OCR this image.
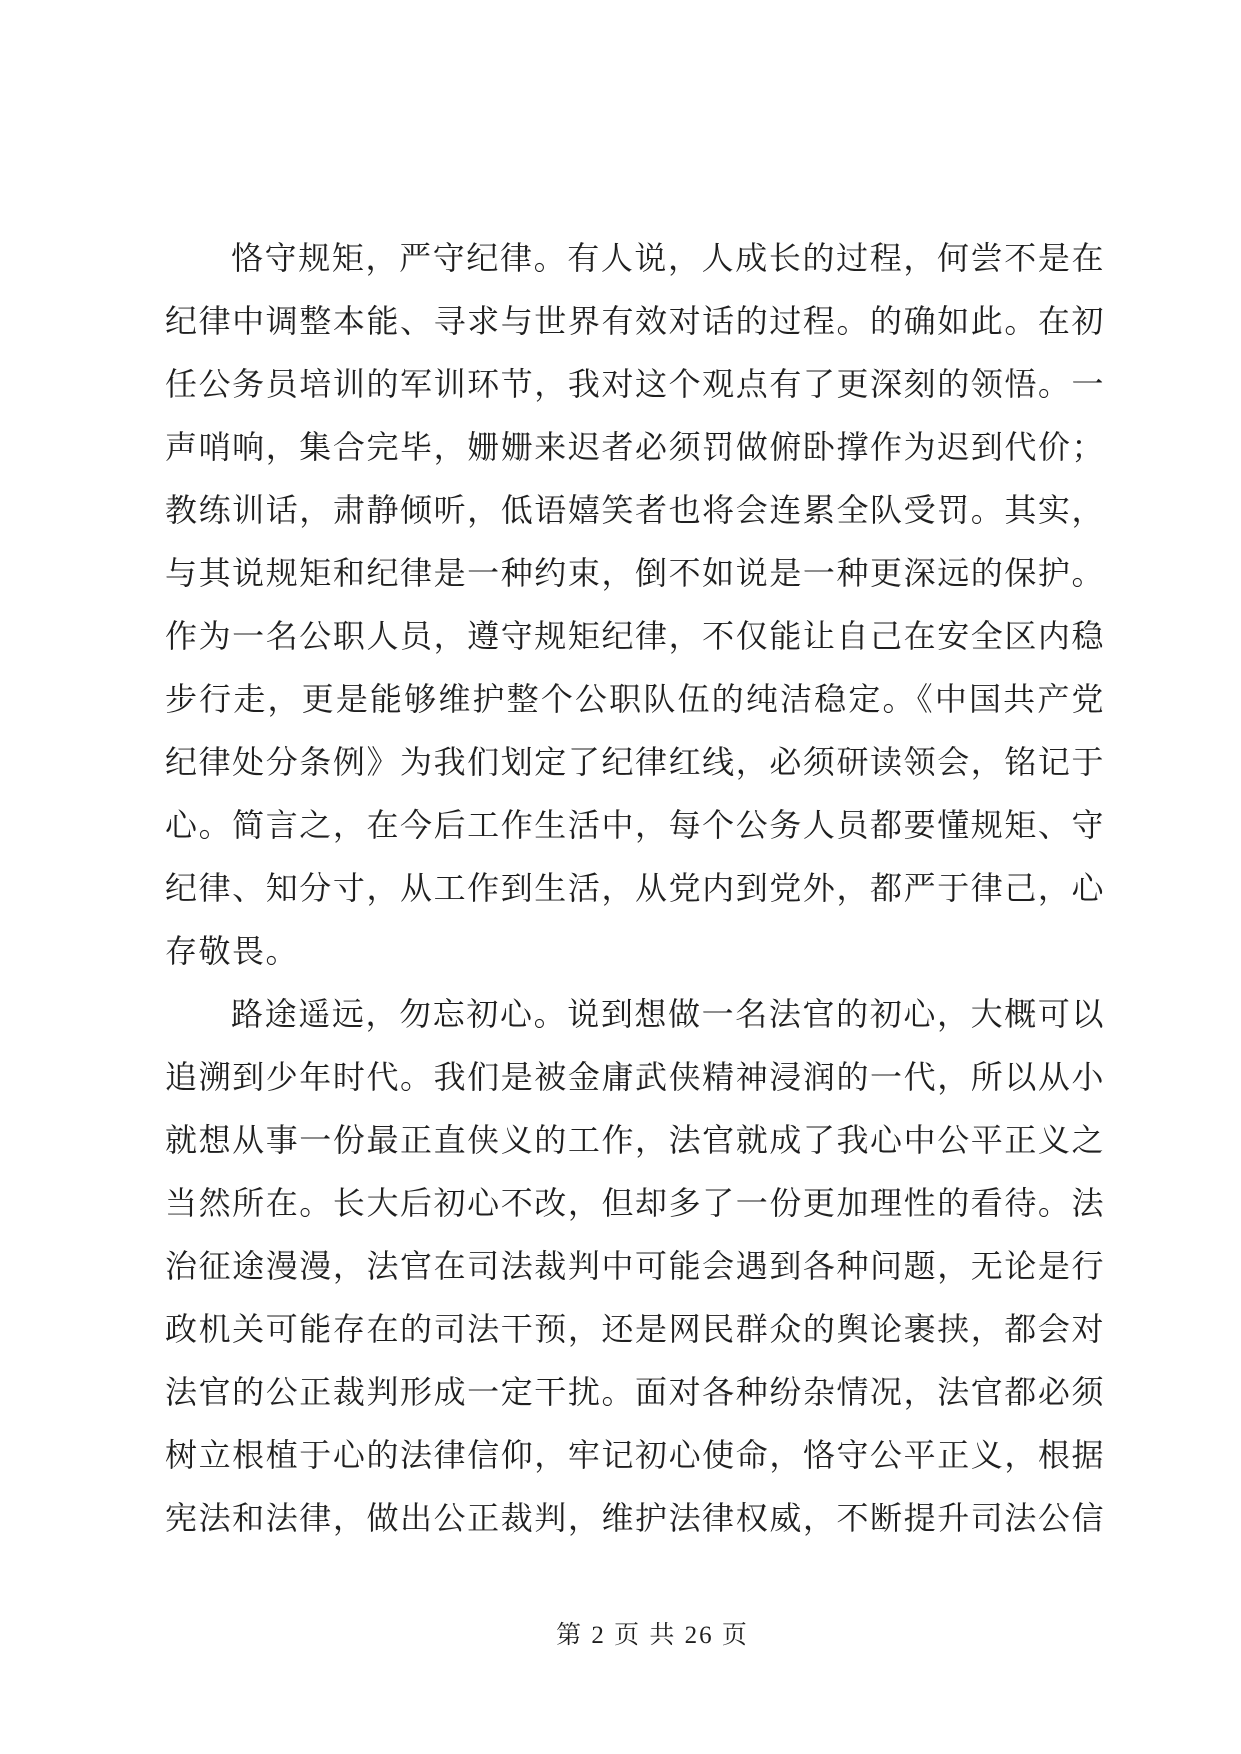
恪守规矩，严守纪律。有人说，人成长的过程，何尝不是在
纪律中调整本能、寻求与世界有效对话的过程。的确如此。在初
任公务员培训的军训环节，我对这个观点有了更深刻的领悟。一
声哨响，集合完毕，姗姗来迟者必须罚做俯卧撑作为迟到代价；
教练训话，肃静倾听，低语嬉笑者也将会连累全队受罚。其实，
与其说规矩和纪律是一种约束，倒不如说是一种更深远的保护。
作为一名公职人员，遵守规矩纪律，不仅能让自己在安全区内稳
步行走，更是能够维护整个公职队伍的纯洁稳定。《中国共产党
纪律处分条例》为我们划定了纪律红线，必须研读领会，铭记于
心。简言之，在今后工作生活中，每个公务人员都要懂规矩、守
纪律、知分寸，从工作到生活，从党内到党外，都严于律己，心
存敬畏。
路途遥远，勿忘初心。说到想做一名法官的初心，大概可以
追溯到少年时代。我们是被金庸武侠精神浸润的一代，所以从小
就想从事一份最正直侠义的工作，法官就成了我心中公平正义之
当然所在。长大后初心不改，但却多了一份更加理性的看待。法
治征途漫漫，法官在司法裁判中可能会遇到各种问题，无论是行
政机关可能存在的司法干预，还是网民群众的舆论裹挟，都会对
法官的公正裁判形成一定干扰。面对各种纷杂情况，法官都必须
树立根植于心的法律信仰，牢记初心使命，恪守公平正义，根据
宪法和法律，做出公正裁判，维护法律权威，不断提升司法公信
第 2 页 共 26 页
